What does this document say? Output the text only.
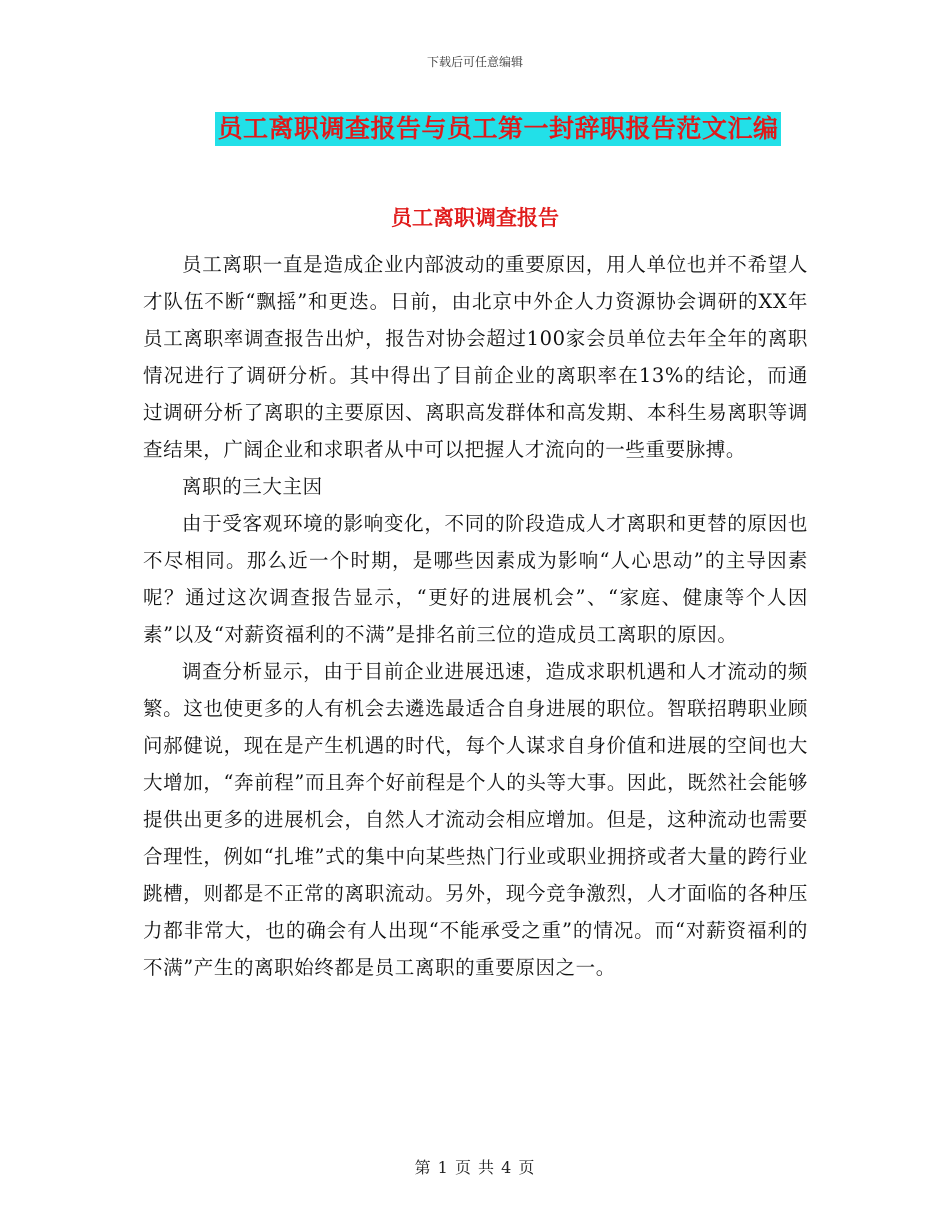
下载后可任意编辑
员工离职调查报告与员工第一封辞职报告范文汇编
员工离职调查报告

员工离职一直是造成企业内部波动的重要原因，用人单位也并不希望人才队伍不断“飘摇”和更迭。日前，由北京中外企人力资源协会调研的XX年员工离职率调查报告出炉，报告对协会超过100家会员单位去年全年的离职情况进行了调研分析。其中得出了目前企业的离职率在13%的结论，而通过调研分析了离职的主要原因、离职高发群体和高发期、本科生易离职等调查结果，广阔企业和求职者从中可以把握人才流向的一些重要脉搏。

离职的三大主因

由于受客观环境的影响变化，不同的阶段造成人才离职和更替的原因也不尽相同。那么近一个时期，是哪些因素成为影响“人心思动”的主导因素呢？通过这次调查报告显示，“更好的进展机会”、“家庭、健康等个人因素”以及“对薪资福利的不满”是排名前三位的造成员工离职的原因。

调查分析显示，由于目前企业进展迅速，造成求职机遇和人才流动的频繁。这也使更多的人有机会去遴选最适合自身进展的职位。智联招聘职业顾问郝健说，现在是产生机遇的时代，每个人谋求自身价值和进展的空间也大大增加，“奔前程”而且奔个好前程是个人的头等大事。因此，既然社会能够提供出更多的进展机会，自然人才流动会相应增加。但是，这种流动也需要合理性，例如“扎堆”式的集中向某些热门行业或职业拥挤或者大量的跨行业跳槽，则都是不正常的离职流动。另外，现今竞争激烈，人才面临的各种压力都非常大，也的确会有人出现“不能承受之重”的情况。而“对薪资福利的不满”产生的离职始终都是员工离职的重要原因之一。

第 1 页 共 4 页
